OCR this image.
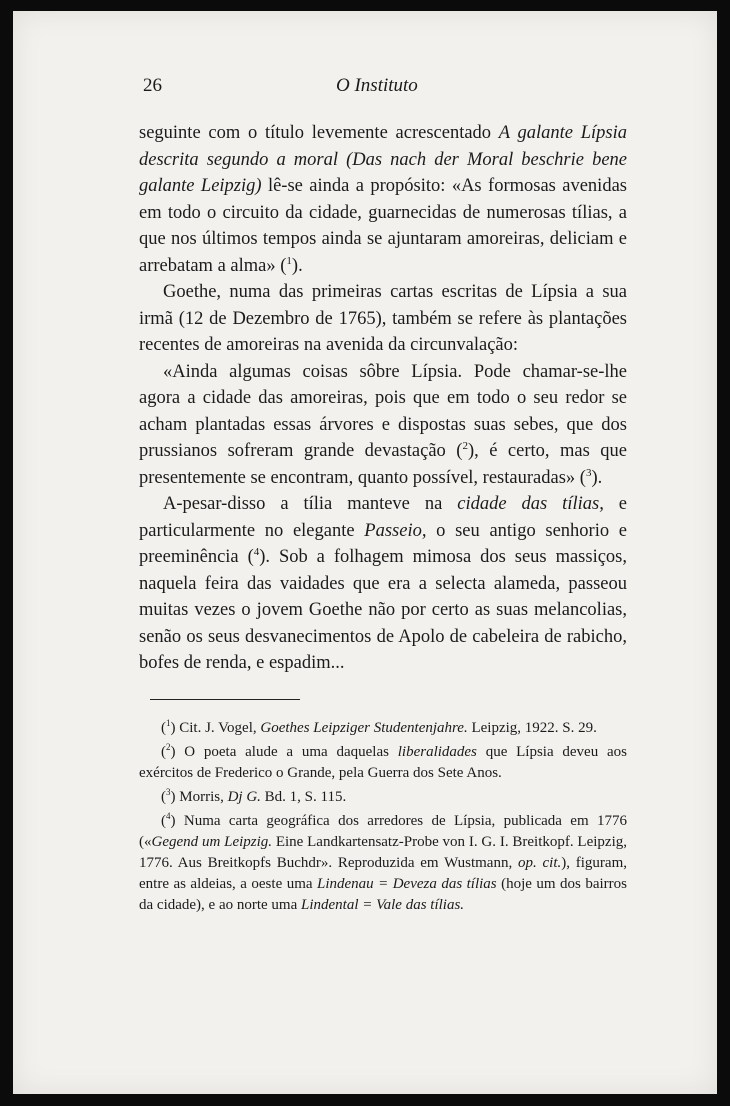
26	O Instituto

seguinte com o título levemente acrescentado A galante Lípsia descrita segundo a moral (Das nach der Moral beschrie bene galante Leipzig) lê-se ainda a propósito: «As formosas avenidas em todo o circuito da cidade, guarnecidas de numerosas tílias, a que nos últimos tempos ainda se ajuntaram amoreiras, deliciam e arrebatam a alma» ($^1$).

Goethe, numa das primeiras cartas escritas de Lípsia a sua irmã (12 de Dezembro de 1765), também se refere às plantações recentes de amoreiras na avenida da circunvalação:

«Ainda algumas coisas sôbre Lípsia. Pode chamar-se-lhe agora a cidade das amoreiras, pois que em todo o seu redor se acham plantadas essas árvores e dispostas suas sebes, que dos prussianos sofreram grande devastação ($^2$), é certo, mas que presentemente se encontram, quanto possível, restauradas» ($^3$).

A-pesar-disso a tília manteve na cidade das tílias, e particularmente no elegante Passeio, o seu antigo senhorio e preeminência ($^4$). Sob a folhagem mimosa dos seus massiços, naquela feira das vaidades que era a selecta alameda, passeou muitas vezes o jovem Goethe não por certo as suas melancolias, senão os seus desvanecimentos de Apolo de cabeleira de rabicho, bofes de renda, e espadim...

($^1$) Cit. J. Vogel, Goethes Leipziger Studentenjahre. Leipzig, 1922. S. 29.

($^2$) O poeta alude a uma daquelas liberalidades que Lípsia deveu aos exércitos de Frederico o Grande, pela Guerra dos Sete Anos.

($^3$) Morris, Dj G. Bd. 1, S. 115.

($^4$) Numa carta geográfica dos arredores de Lípsia, publicada em 1776 («Gegend um Leipzig. Eine Landkartensatz-Probe von I. G. I. Breitkopf. Leipzig, 1776. Aus Breitkopfs Buchdr». Reproduzida em Wustmann, op. cit.), figuram, entre as aldeias, a oeste uma Lindenau = Deveza das tílias (hoje um dos bairros da cidade), e ao norte uma Lindental = Vale das tílias.
